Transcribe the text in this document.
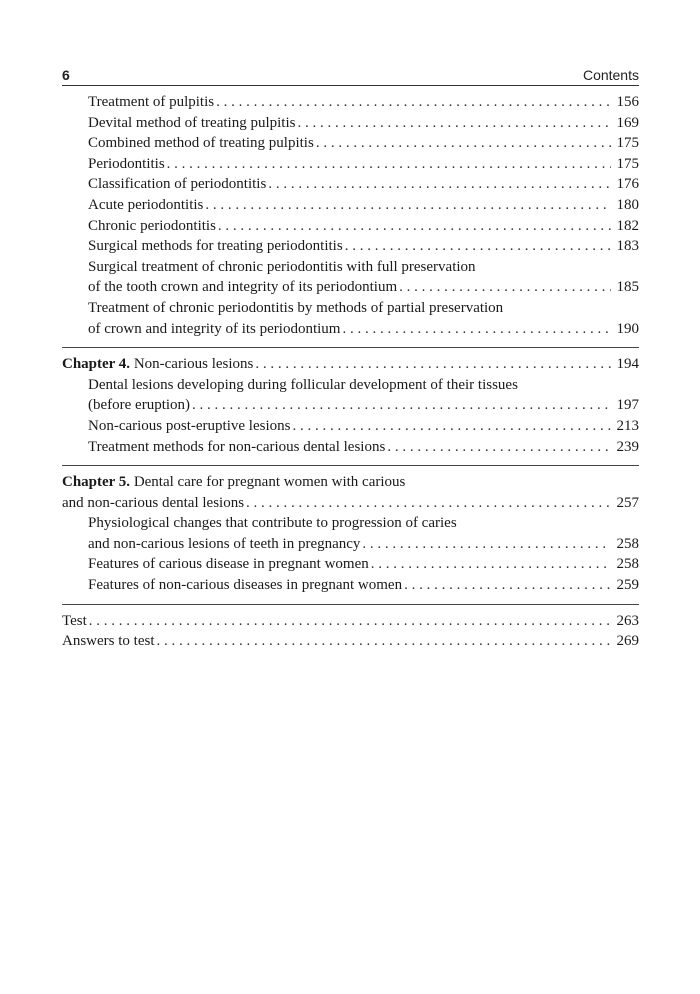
6	Contents
Treatment of pulpitis . . .	156
Devital method of treating pulpitis . . .	169
Combined method of treating pulpitis . . .	175
Periodontitis . . .	175
Classification of periodontitis . . .	176
Acute periodontitis . . .	180
Chronic periodontitis . . .	182
Surgical methods for treating periodontitis . . .	183
Surgical treatment of chronic periodontitis with full preservation
of the tooth crown and integrity of its periodontium . . .	185
Treatment of chronic periodontitis by methods of partial preservation
of crown and integrity of its periodontium . . .	190
Chapter 4. Non-carious lesions . . .	194
Dental lesions developing during follicular development of their tissues
(before eruption) . . .	197
Non-carious post-eruptive lesions . . .	213
Treatment methods for non-carious dental lesions . . .	239
Chapter 5. Dental care for pregnant women with carious
and non-carious dental lesions . . .	257
Physiological changes that contribute to progression of caries
and non-carious lesions of teeth in pregnancy . . .	258
Features of carious disease in pregnant women . . .	258
Features of non-carious diseases in pregnant women . . .	259
Test . . .	263
Answers to test . . .	269
